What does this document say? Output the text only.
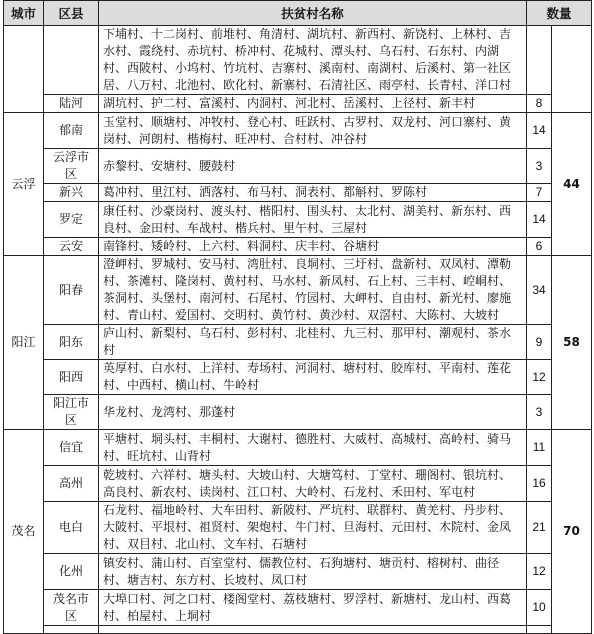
城市	区县	扶贫村名称	数量	
		下埔村、十二岗村、前堆村、角清村、湖坑村、新西村、新饶村、上林村、吉水村、霞绕村、赤坑村、桥冲村、花城村、潭头村、乌石村、石东村、内湖村、西陂村、小坞村、竹坑村、吉寨村、溪南村、南湖村、后溪村、第一社区居、八万村、北池村、欧化村、新寨村、石清社区、雨亭村、长青村、洋口村		
	陆河	湖坑村、护二村、富溪村、内洞村、河北村、岳溪村、上径村、新丰村	8	
云浮	郁南	玉堂村、顺塘村、冲牧村、登心村、旺跃村、古罗村、双龙村、河口寨村、黄岗村、河朗村、楷梅村、旺冲村、合村村、冲谷村	14	44
	云浮市区	赤黎村、安塘村、腰鼓村	3	
	新兴	葛冲村、里江村、洒落村、布马村、洞表村、都斛村、罗陈村	7	
	罗定	康任村、沙豪岗村、渡头村、楷阳村、围头村、太北村、湖美村、新东村、西良村、金田村、车战村、楷兵村、里午村、三屋村	14	
	云安	南锋村、矮岭村、上六村、料洞村、庆丰村、谷塘村	6	
阳江	阳春	澄岬村、罗城村、安马村、湾肚村、良垌村、三圩村、盘新村、双凤村、潭勒村、茶滩村、隆岗村、黄村村、马水村、新凤村、石上村、三丰村、崆峒村、茶洞村、头堡村、南河村、石尾村、竹园村、大岬村、自由村、新光村、廖施村、青山村、爱国村、交明村、黄竹村、黄沙村、双滘村、大陈村、大坡村	34	58
	阳东	庐山村、新梨村、乌石村、彭村村、北桂村、九三村、那甲村、潮观村、茶水村	9	
	阳西	英厚村、白水村、上洋村、寿场村、河洞村、塘村村、胶库村、平南村、莲花村、中西村、横山村、牛岭村	12	
	阳江市区	华龙村、龙湾村、那蓬村	3	
茂名	信宜	平塘村、垌头村、丰桐村、大谢村、德胜村、大威村、高城村、高岭村、骑马村、旺坑村、山背村	11	70
	高州	乾坡村、六祥村、塘头村、大坡山村、大塘笃村、丁堂村、珊阁村、银坑村、高良村、新农村、读岗村、江口村、大岭村、石龙村、禾田村、军屯村	16	
	电白	石龙村、福地岭村、大车田村、新陂村、严坑村、联群村、黄羌村、丹步村、大陂村、平垠村、祖贤村、架炮村、牛门村、旦海村、元田村、木院村、金凤村、双目村、北山村、文车村、石塘村	21	
	化州	镇安村、蒲山村、百室堂村、儒教位村、石狗塘村、塘贡村、榕树村、曲径村、塘吉村、东方村、长坡村、凤口村	12	
	茂名市区	大埠口村、河之口村、楼阁堂村、荔枝塘村、罗浮村、新塘村、龙山村、西葛村、柏屋村、上垌村	10	
